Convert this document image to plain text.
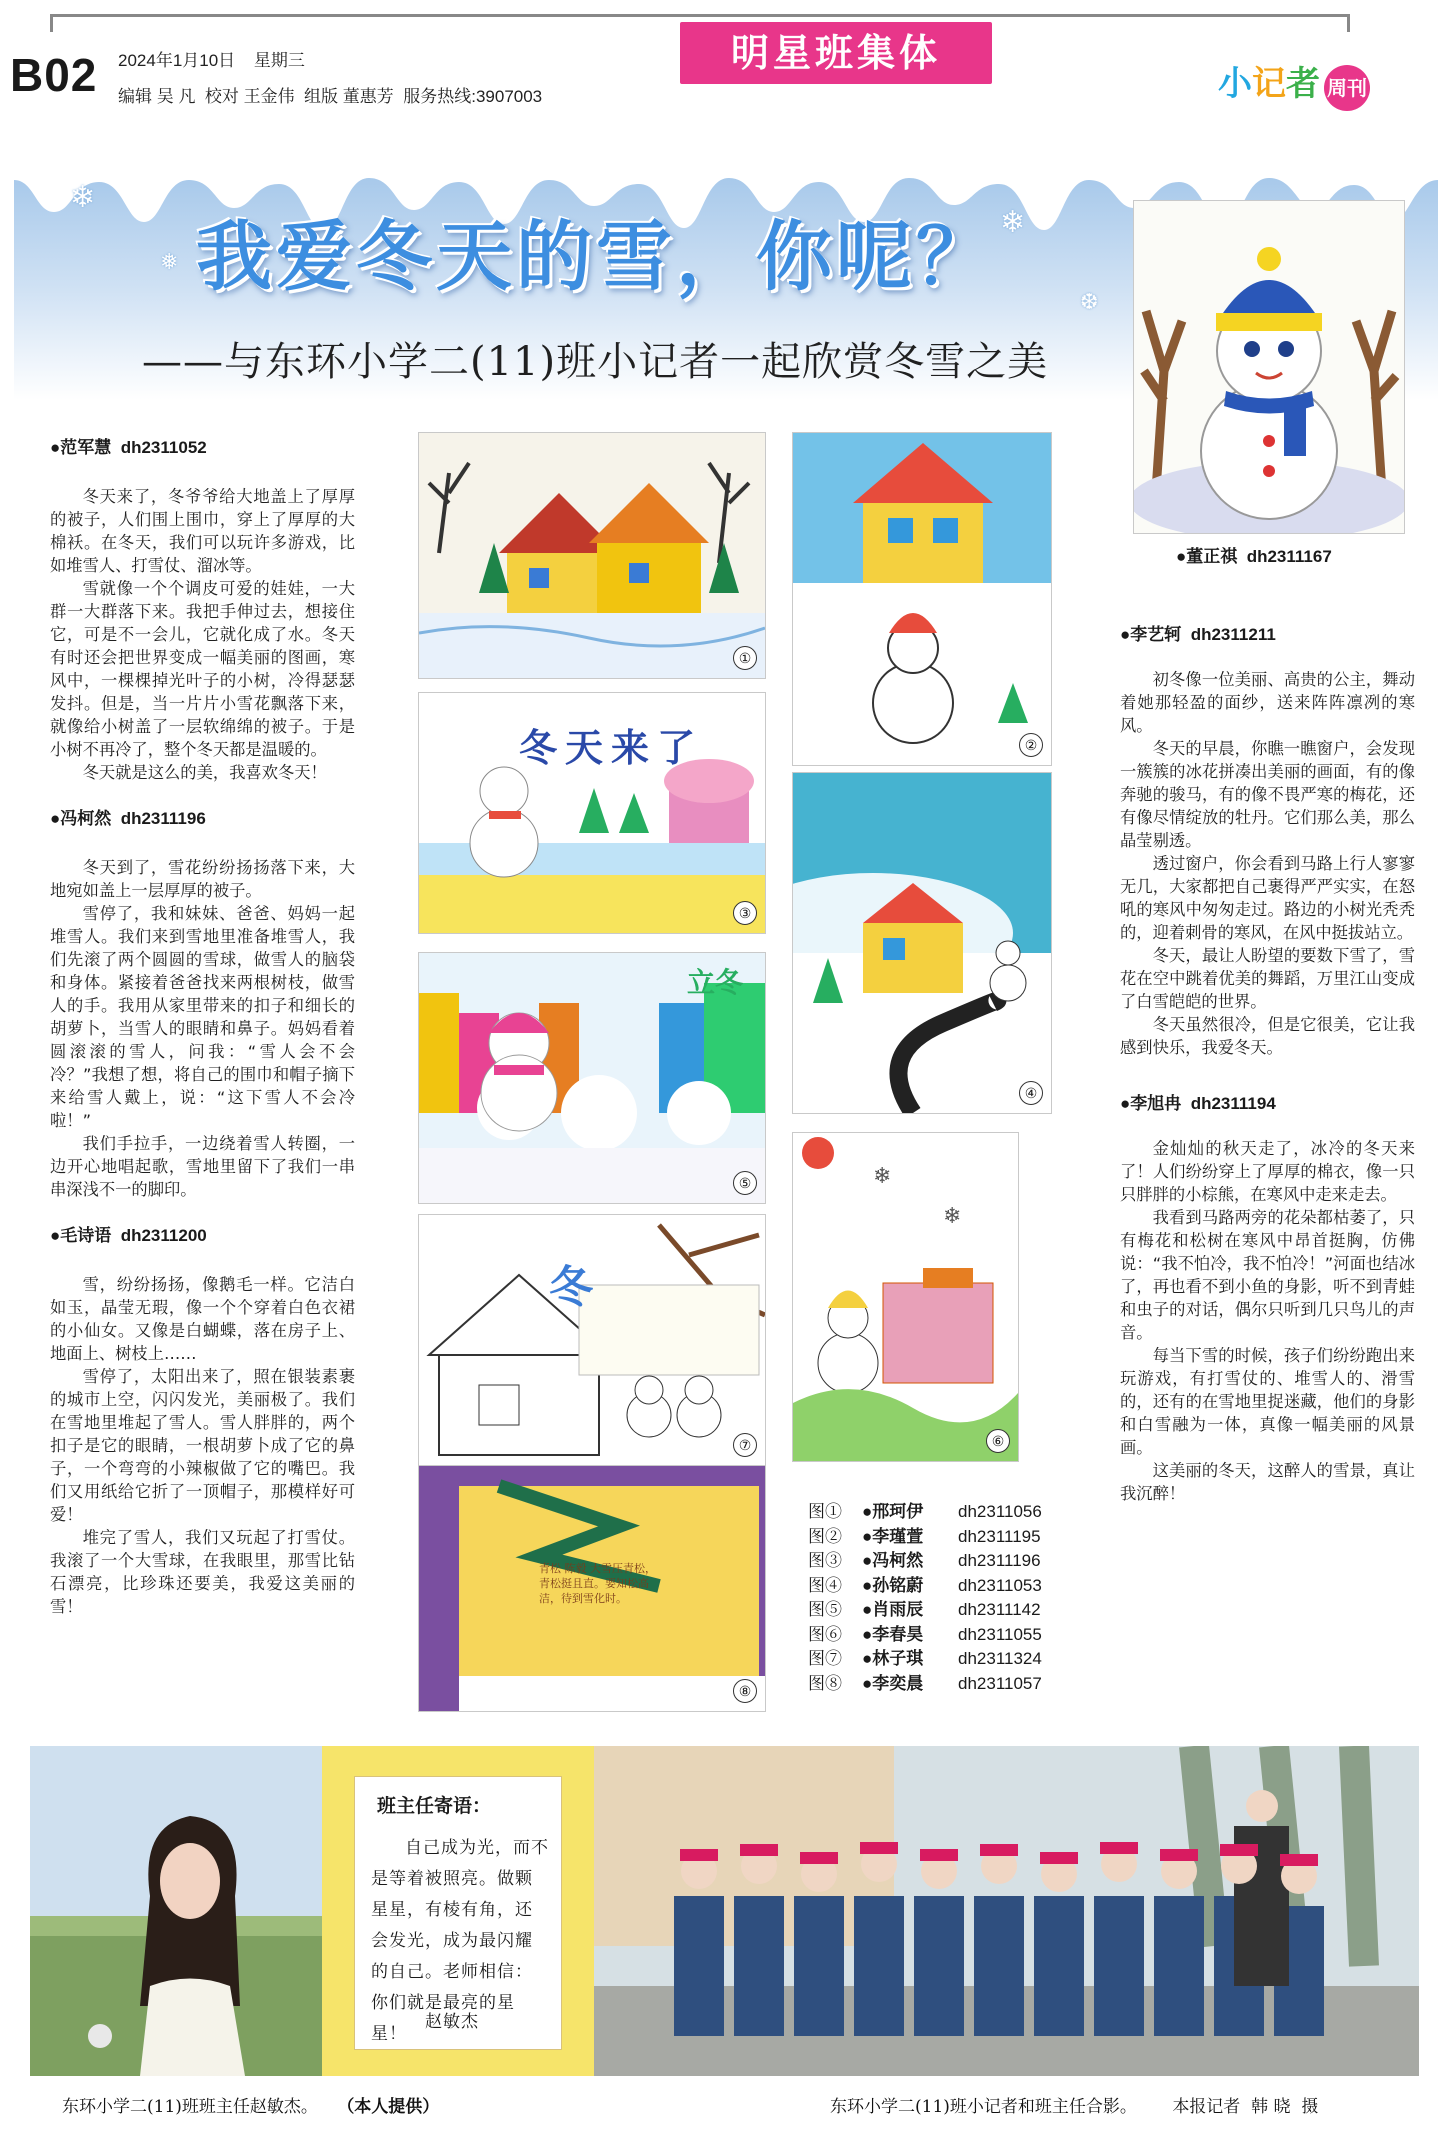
B02 2024年1月10日 星期三
编辑 吴 凡  校对 王金伟  组版 董惠芳  服务热线:3907003
明星班集体
小记者 周刊
❄
❅
❄
❆
我爱冬天的雪，你呢？
——与东环小学二(11)班小记者一起欣赏冬雪之美
●董正祺  dh2311167
●范军慧  dh2311052

冬天来了，冬爷爷给大地盖上了厚厚的被子，人们围上围巾，穿上了厚厚的大棉袄。在冬天，我们可以玩许多游戏，比如堆雪人、打雪仗、溜冰等。

雪就像一个个调皮可爱的娃娃，一大群一大群落下来。我把手伸过去，想接住它，可是不一会儿，它就化成了水。冬天有时还会把世界变成一幅美丽的图画，寒风中，一棵棵掉光叶子的小树，冷得瑟瑟发抖。但是，当一片片小雪花飘落下来，就像给小树盖了一层软绵绵的被子。于是小树不再冷了，整个冬天都是温暖的。

冬天就是这么的美，我喜欢冬天！

●冯柯然  dh2311196

冬天到了，雪花纷纷扬扬落下来，大地宛如盖上一层厚厚的被子。

雪停了，我和妹妹、爸爸、妈妈一起堆雪人。我们来到雪地里准备堆雪人，我们先滚了两个圆圆的雪球，做雪人的脑袋和身体。紧接着爸爸找来两根树枝，做雪人的手。我用从家里带来的扣子和细长的胡萝卜，当雪人的眼睛和鼻子。妈妈看着圆滚滚的雪人，问我：“雪人会不会冷？”我想了想，将自己的围巾和帽子摘下来给雪人戴上，说：“这下雪人不会冷啦！”

我们手拉手，一边绕着雪人转圈，一边开心地唱起歌，雪地里留下了我们一串串深浅不一的脚印。

●毛诗语  dh2311200

雪，纷纷扬扬，像鹅毛一样。它洁白如玉，晶莹无瑕，像一个个穿着白色衣裙的小仙女。又像是白蝴蝶，落在房子上、地面上、树枝上……

雪停了，太阳出来了，照在银装素裹的城市上空，闪闪发光，美丽极了。我们在雪地里堆起了雪人。雪人胖胖的，两个扣子是它的眼睛，一根胡萝卜成了它的鼻子，一个弯弯的小辣椒做了它的嘴巴。我们又用纸给它折了一顶帽子，那模样好可爱！

堆完了雪人，我们又玩起了打雪仗。我滚了一个大雪球，在我眼里，那雪比钻石漂亮，比珍珠还要美，我爱这美丽的雪！

①
冬天来了
③
立冬
⑤
冬
⑦
青松 陈毅 大雪压青松，青松挺且直。要知松高洁，待到雪化时。
⑧
②
④
❄
❄
⑥
图① ●邢珂伊 dh2311056
图② ●李瑾萱 dh2311195
图③ ●冯柯然 dh2311196
图④ ●孙铭蔚 dh2311053
图⑤ ●肖雨辰 dh2311142
图⑥ ●李春昊 dh2311055
图⑦ ●林子琪 dh2311324
图⑧ ●李奕晨 dh2311057
●李艺轲  dh2311211

初冬像一位美丽、高贵的公主，舞动着她那轻盈的面纱，送来阵阵凛冽的寒风。

冬天的早晨，你瞧一瞧窗户，会发现一簇簇的冰花拼凑出美丽的画面，有的像奔驰的骏马，有的像不畏严寒的梅花，还有像尽情绽放的牡丹。它们那么美，那么晶莹剔透。

透过窗户，你会看到马路上行人寥寥无几，大家都把自己裹得严严实实，在怒吼的寒风中匆匆走过。路边的小树光秃秃的，迎着刺骨的寒风，在风中挺拔站立。

冬天，最让人盼望的要数下雪了，雪花在空中跳着优美的舞蹈，万里江山变成了白雪皑皑的世界。

冬天虽然很冷，但是它很美，它让我感到快乐，我爱冬天。

●李旭冉  dh2311194

金灿灿的秋天走了，冰冷的冬天来了！人们纷纷穿上了厚厚的棉衣，像一只只胖胖的小棕熊，在寒风中走来走去。

我看到马路两旁的花朵都枯萎了，只有梅花和松树在寒风中昂首挺胸，仿佛说：“我不怕冷，我不怕冷！”河面也结冰了，再也看不到小鱼的身影，听不到青蛙和虫子的对话，偶尔只听到几只鸟儿的声音。

每当下雪的时候，孩子们纷纷跑出来玩游戏，有打雪仗的、堆雪人的、滑雪的，还有的在雪地里捉迷藏，他们的身影和白雪融为一体，真像一幅美丽的风景画。

这美丽的冬天，这醉人的雪景，真让我沉醉！

班主任寄语：
自己成为光，而不是等着被照亮。做颗星星，有棱有角，还会发光，成为最闪耀的自己。老师相信：你们就是最亮的星星！
赵敏杰
东环小学二(11)班班主任赵敏杰。 （本人提供）	东环小学二(11)班小记者和班主任合影。 本报记者  韩 晓  摄
